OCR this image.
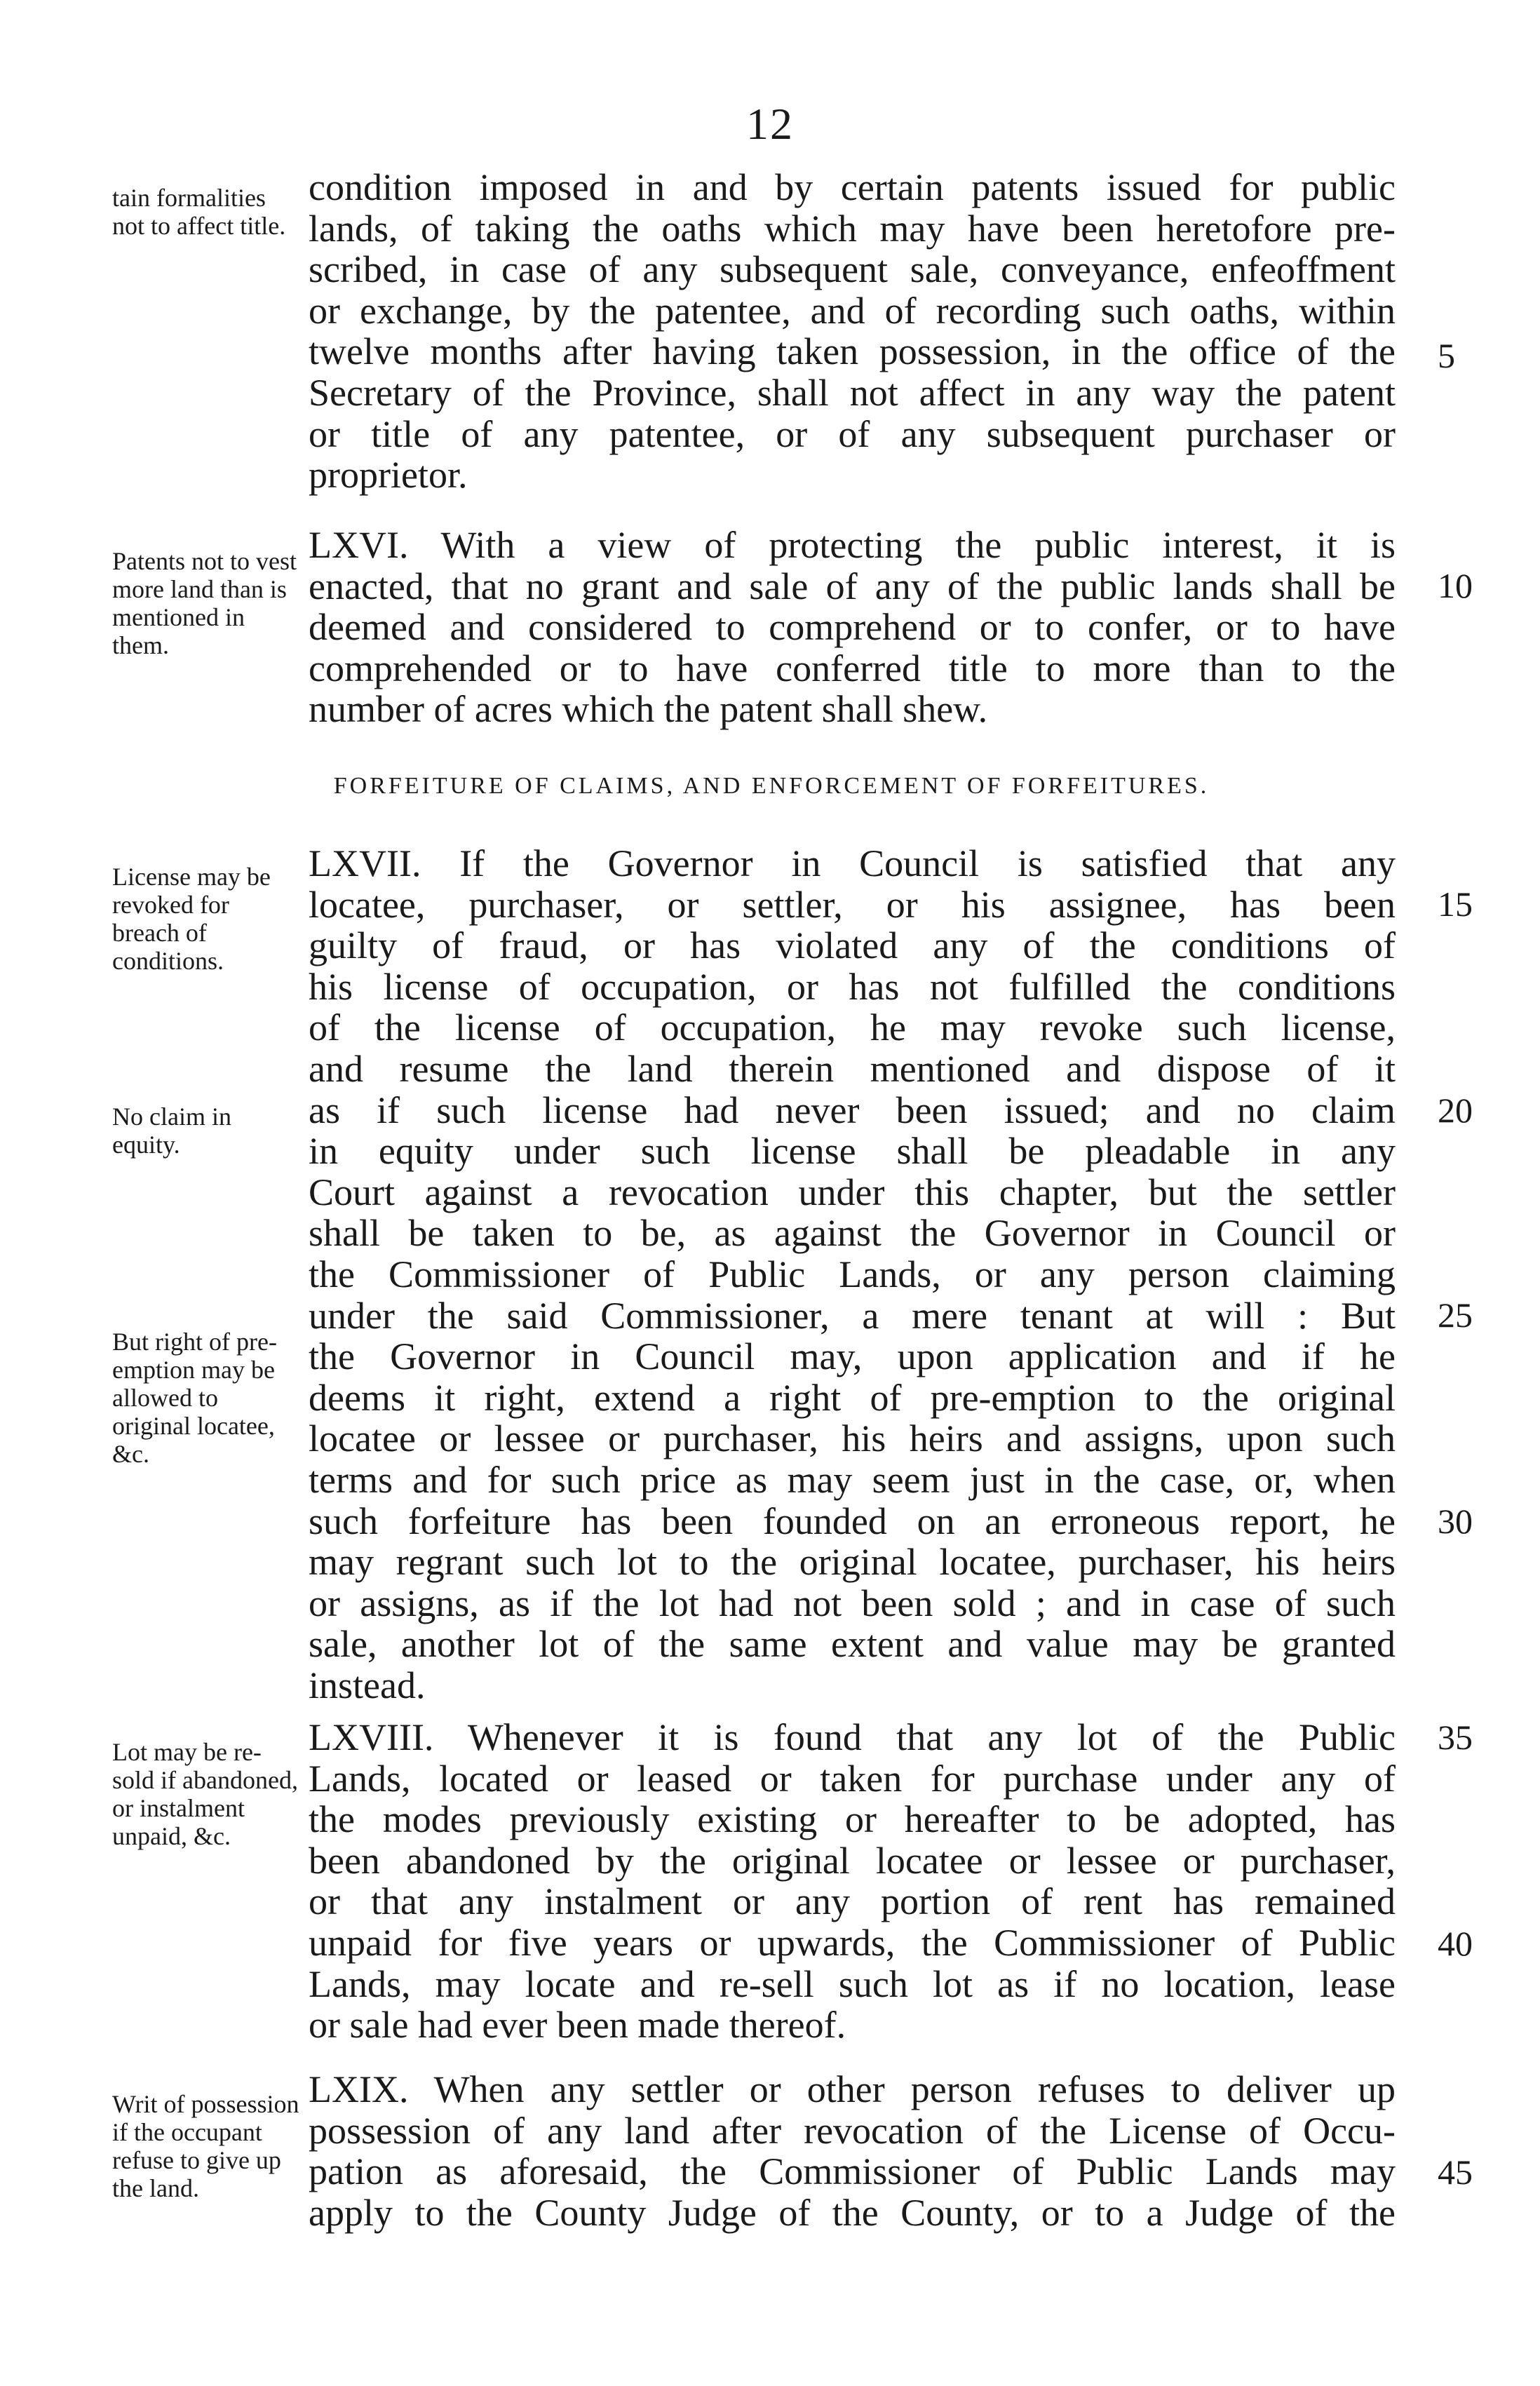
12
tain formalities not to affect title.
condition imposed in and by certain patents issued for public
lands, of taking the oaths which may have been heretofore pre-
scribed, in case of any subsequent sale, conveyance, enfeoffment
or exchange, by the patentee, and of recording such oaths, within
twelve months after having taken possession, in the office of the
Secretary of the Province, shall not affect in any way the patent
or title of any patentee, or of any subsequent purchaser or
proprietor.
Patents not to vest more land than is mentioned in them.
LXVI. With a view of protecting the public interest, it is
enacted, that no grant and sale of any of the public lands shall be
deemed and considered to comprehend or to confer, or to have
comprehended or to have conferred title to more than to the
number of acres which the patent shall shew.
FORFEITURE OF CLAIMS, AND ENFORCEMENT OF FORFEITURES.
License may be revoked for breach of conditions.
No claim in equity.
But right of pre-emption may be allowed to original locatee, &c.
LXVII. If the Governor in Council is satisfied that any
locatee, purchaser, or settler, or his assignee, has been
guilty of fraud, or has violated any of the conditions of
his license of occupation, or has not fulfilled the conditions
of the license of occupation, he may revoke such license,
and resume the land therein mentioned and dispose of it
as if such license had never been issued; and no claim
in equity under such license shall be pleadable in any
Court against a revocation under this chapter, but the settler
shall be taken to be, as against the Governor in Council or
the Commissioner of Public Lands, or any person claiming
under the said Commissioner, a mere tenant at will : But
the Governor in Council may, upon application and if he
deems it right, extend a right of pre-emption to the original
locatee or lessee or purchaser, his heirs and assigns, upon such
terms and for such price as may seem just in the case, or, when
such forfeiture has been founded on an erroneous report, he
may regrant such lot to the original locatee, purchaser, his heirs
or assigns, as if the lot had not been sold ; and in case of such
sale, another lot of the same extent and value may be granted
instead.
Lot may be re-sold if abandoned, or instalment unpaid, &c.
LXVIII. Whenever it is found that any lot of the Public
Lands, located or leased or taken for purchase under any of
the modes previously existing or hereafter to be adopted, has
been abandoned by the original locatee or lessee or purchaser,
or that any instalment or any portion of rent has remained
unpaid for five years or upwards, the Commissioner of Public
Lands, may locate and re-sell such lot as if no location, lease
or sale had ever been made thereof.
Writ of possession if the occupant refuse to give up the land.
LXIX. When any settler or other person refuses to deliver up
possession of any land after revocation of the License of Occu-
pation as aforesaid, the Commissioner of Public Lands may
apply to the County Judge of the County, or to a Judge of the
5
10
15
20
25
30
35
40
45
